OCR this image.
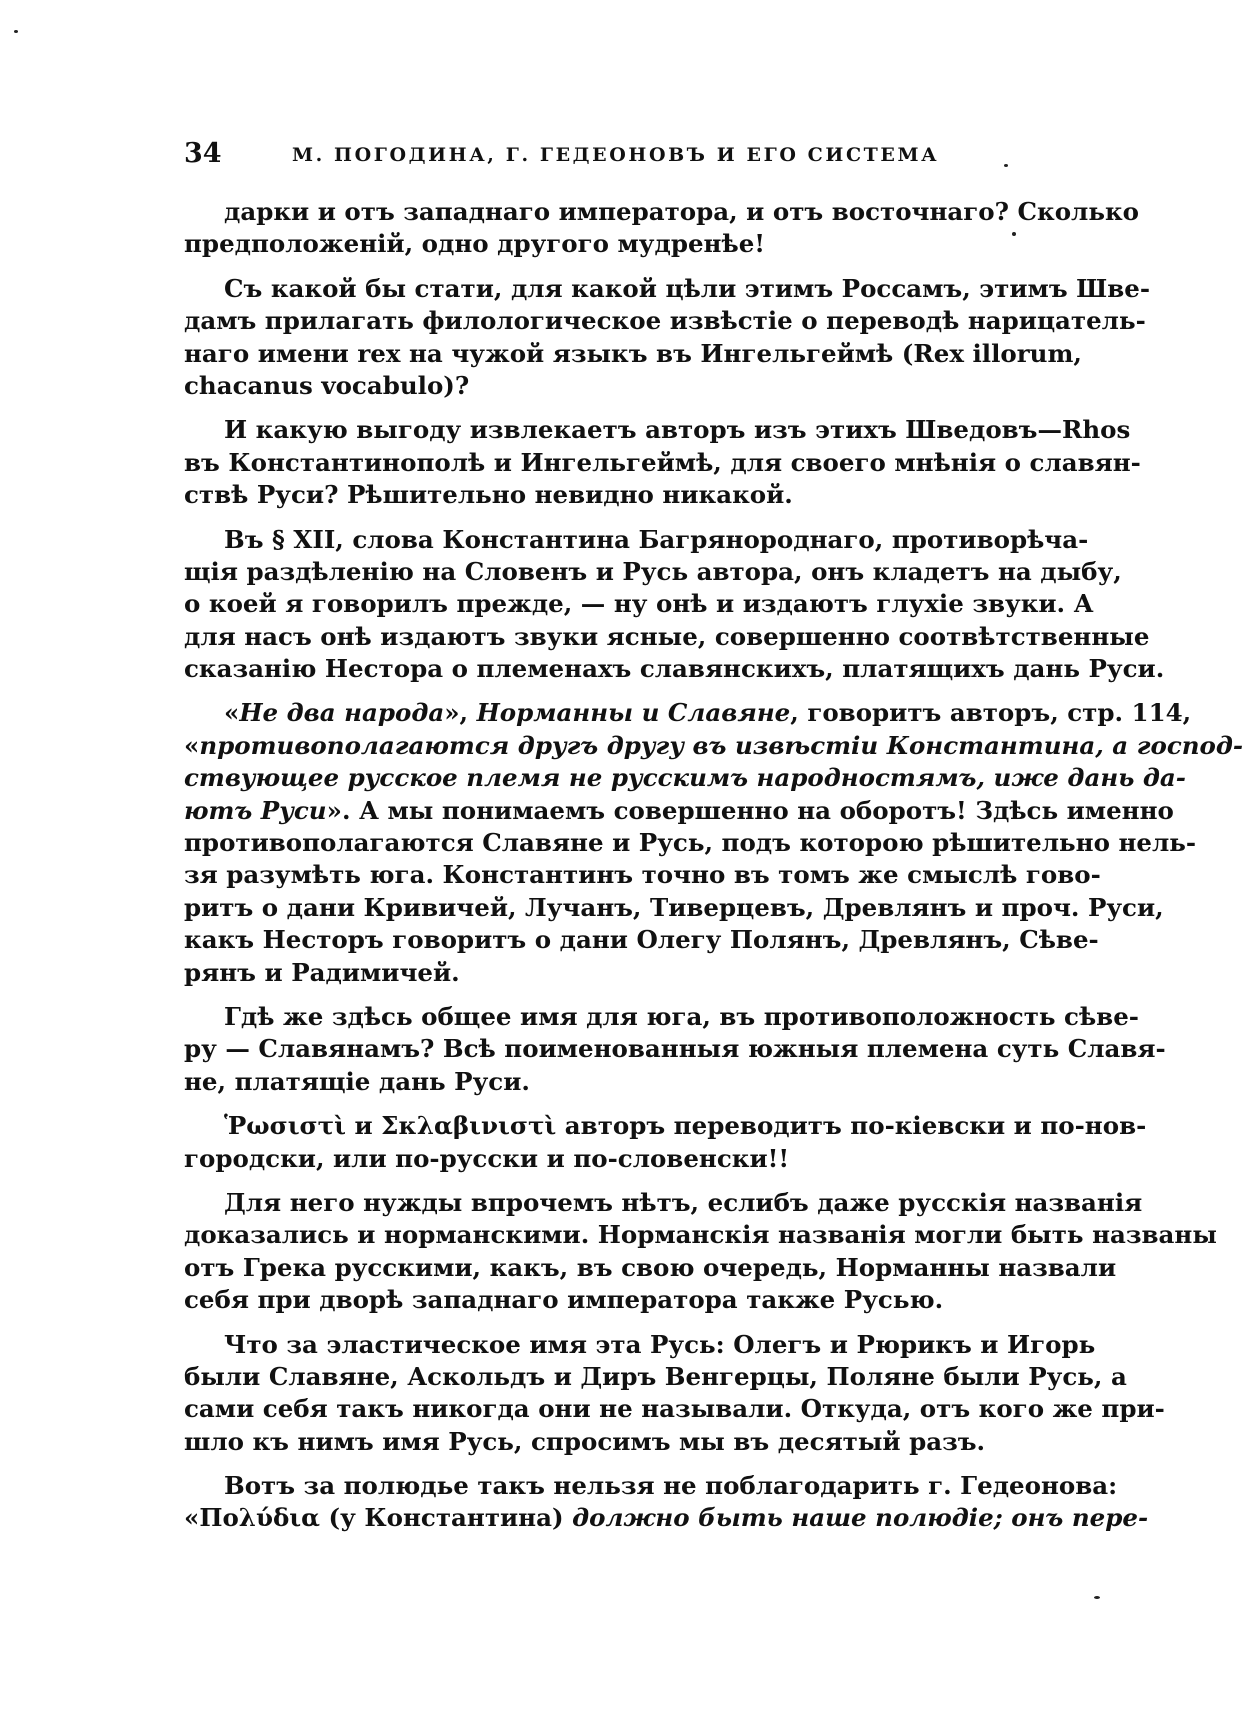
34	М. ПОГОДИНА, Г. ГЕДЕОНОВЪ И ЕГО СИСТЕМА
дарки и отъ западнаго императора, и отъ восточнаго? Сколько
предположеній, одно другого мудренѣе!
Съ какой бы стати, для какой цѣли этимъ Россамъ, этимъ Шве-
дамъ прилагать филологическое извѣстіе о переводѣ нарицатель-
наго имени rex на чужой языкъ въ Ингельгеймѣ (Rex illorum,
chacanus vocabulo)?
И какую выгоду извлекаетъ авторъ изъ этихъ Шведовъ—Rhos
въ Константинополѣ и Ингельгеймѣ, для своего мнѣнія о славян-
ствѣ Руси? Рѣшительно невидно никакой.
Въ § XII, слова Константина Багрянороднаго, противорѣча-
щія раздѣленію на Словенъ и Русь автора, онъ кладетъ на дыбу,
о коей я говорилъ прежде, — ну онѣ и издаютъ глухіе звуки. А
для насъ онѣ издаютъ звуки ясные, совершенно соотвѣтственные
сказанію Нестора о племенахъ славянскихъ, платящихъ дань Руси.
«Не два народа», Норманны и Славяне, говоритъ авторъ, стр. 114,
«противополагаются другъ другу въ извѣстіи Константина, а господ-
ствующее русское племя не русскимъ народностямъ, иже дань да-
ютъ Руси». А мы понимаемъ совершенно на оборотъ! Здѣсь именно
противополагаются Славяне и Русь, подъ которою рѣшительно нель-
зя разумѣть юга. Константинъ точно въ томъ же смыслѣ гово-
ритъ о дани Кривичей, Лучанъ, Тиверцевъ, Древлянъ и проч. Руси,
какъ Несторъ говоритъ о дани Олегу Полянъ, Древлянъ, Сѣве-
рянъ и Радимичей.
Гдѣ же здѣсь общее имя для юга, въ противоположность сѣве-
ру — Славянамъ? Всѣ поименованныя южныя племена суть Славя-
не, платящіе дань Руси.
Ῥωσιστὶ и Σκλαβινιστὶ авторъ переводитъ по-кіевски и по-нов-
городски, или по-русски и по-словенски!!
Для него нужды впрочемъ нѣтъ, еслибъ даже русскія названія
доказались и норманскими. Норманскія названія могли быть названы
отъ Грека русскими, какъ, въ свою очередь, Норманны назвали
себя при дворѣ западнаго императора также Русью.
Что за эластическое имя эта Русь: Олегъ и Рюрикъ и Игорь
были Славяне, Аскольдъ и Диръ Венгерцы, Поляне были Русь, а
сами себя такъ никогда они не называли. Откуда, отъ кого же при-
шло къ нимъ имя Русь, спросимъ мы въ десятый разъ.
Вотъ за полюдье такъ нельзя не поблагодарить г. Гедеонова:
«Πολύδια (у Константина) должно быть наше полюдіе; онъ пере-
